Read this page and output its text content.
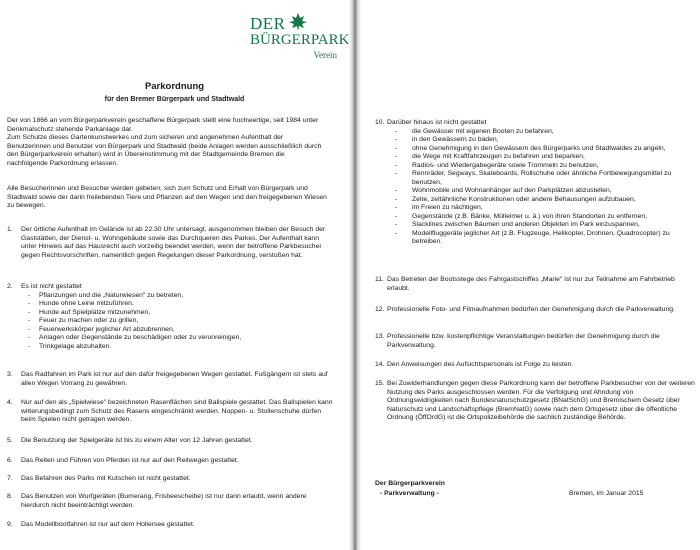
DER
BÜRGERPARK
Verein
Parkordnung
für den Bremer Bürgerpark und Stadtwald
Der von 1866 an vom Bürgerparkverein geschaffene Bürgerpark stellt eine hochwertige, seit 1984 unter Denkmalschutz stehende Parkanlage dar.
Zum Schutze dieses Gartenkunstwerkes und zum sicheren und angenehmen Aufenthalt der Benutzerinnen und Benutzer von Bürgerpark und Stadtwald (beide Anlagen werden ausschließlich durch den Bürgerparkverein erhalten) wird in Übereinstimmung mit der Stadtgemeinde Bremen die nachfolgende Parkordnung erlassen.
Alle Besucherinnen und Besucher werden gebeten, sich zum Schutz und Erhalt von Bürgerpark und Stadtwald sowie der darin freilebenden Tiere und Pflanzen auf den Wegen und den freigegebenen Wiesen zu bewegen.
1. Der örtliche Aufenthalt im Gelände ist ab 22.30 Uhr untersagt, ausgenommen bleiben der Besuch der Gaststätten, der Dienst- u. Wohngebäude sowie das Durchqueren des Parkes. Der Aufenthalt kann unter Hinweis auf das Hausrecht auch vorzeitig beendet werden, wenn der betroffene Parkbesucher gegen Rechtsvorschriften, namentlich gegen Regelungen dieser Parkordnung, verstoßen hat.
2. Es ist nicht gestattet
- Pflanzungen und die „Naturwiesen" zu betreten,
- Hunde ohne Leine mitzuführen,
- Hunde auf Spielplätze mitzunehmen,
- Feuer zu machen oder zu grillen,
- Feuerwerkskörper jeglicher Art abzubrennen,
- Anlagen oder Gegenstände zu beschädigen oder zu verunreinigen,
- Trinkgelage abzuhalten.
3. Das Radfahren im Park ist nur auf den dafür freigegebenen Wegen gestattet. Fußgängern ist stets auf allen Wegen Vorrang zu gewähren.
4. Nur auf den als „Spielwiese" bezeichneten Rasenflächen sind Ballspiele gestattet. Das Ballspielen kann witterungsbedingt zum Schutz des Rasens eingeschränkt werden. Noppen- u. Stollenschuhe dürfen beim Spielen nicht getragen werden.
5. Die Benutzung der Spielgeräte ist bis zu einem Alter von 12 Jahren gestattet.
6. Das Reiten und Führen von Pferden ist nur auf den Reitwegen gestattet.
7. Das Befahren des Parks mit Kutschen ist nicht gestattet.
8. Das Benutzen von Wurfgeräten (Bumerang, Frisbeescheibe) ist nur dann erlaubt, wenn andere hierdurch nicht beeinträchtigt werden.
9. Das Modellbootfahren ist nur auf dem Hollersee gestattet.
10. Darüber hinaus ist nicht gestattet
- die Gewässer mit eigenen Booten zu befahren,
- in den Gewässern zu baden,
- ohne Genehmigung in den Gewässern des Bürgerparks und Stadtwaldes zu angeln,
- die Wege mit Kraftfahrzeugen zu befahren und beparken,
- Radios- und Wiedergabegeräte sowie Trommeln zu benutzen,
- Rennräder, Segways, Skateboards, Rollschuhe oder ähnliche Fortbewegungsmittel zu benutzen,
- Wohnmobile und Wohnanhänger auf den Parkplätzen abzustellen,
- Zelte, zeltähnliche Konstruktionen oder andere Behausungen aufzubauen,
- im Freien zu nächtigen,
- Gegenstände (z.B. Bänke, Mülleimer u. ä.) von ihren Standorten zu entfernen,
- Slacklines zwischen Bäumen und anderen Objekten im Park einzuspannen,
- Modellfluggeräte jeglicher Art (z.B. Flugzeuge, Helikopter, Drohnen, Quadrocopter) zu betreiben.
11. Das Betreten der Bootsstege des Fahrgastschiffes „Marie" ist nur zur Teilnahme am Fahrbetrieb erlaubt.
12. Professionelle Foto- und Filmaufnahmen bedürfen der Genehmigung durch die Parkverwaltung.
13. Professionelle bzw. kostenpflichtige Veranstaltungen bedürfen der Genehmigung durch die Parkverwaltung.
14. Den Anweisungen des Aufsichtspersonals ist Folge zu leisten.
15. Bei Zuwiderhandlungen gegen diese Parkordnung kann der betroffene Parkbesucher von der weiteren Nutzung des Parks ausgeschlossen werden. Für die Verfolgung und Ahndung von Ordnungswidrigkeiten nach Bundesnaturschutzgesetz (BNatSchG) und Bremischem Gesetz über Naturschutz und Landschaftspflege (BremNatG) sowie nach dem Ortsgesetz über die öffentliche Ordnung (ÖffOrdG) ist die Ortspolizeibehörde die sachlich zuständige Behörde.
Der Bürgerparkverein
- Parkverwaltung -	Bremen, im Januar 2015
